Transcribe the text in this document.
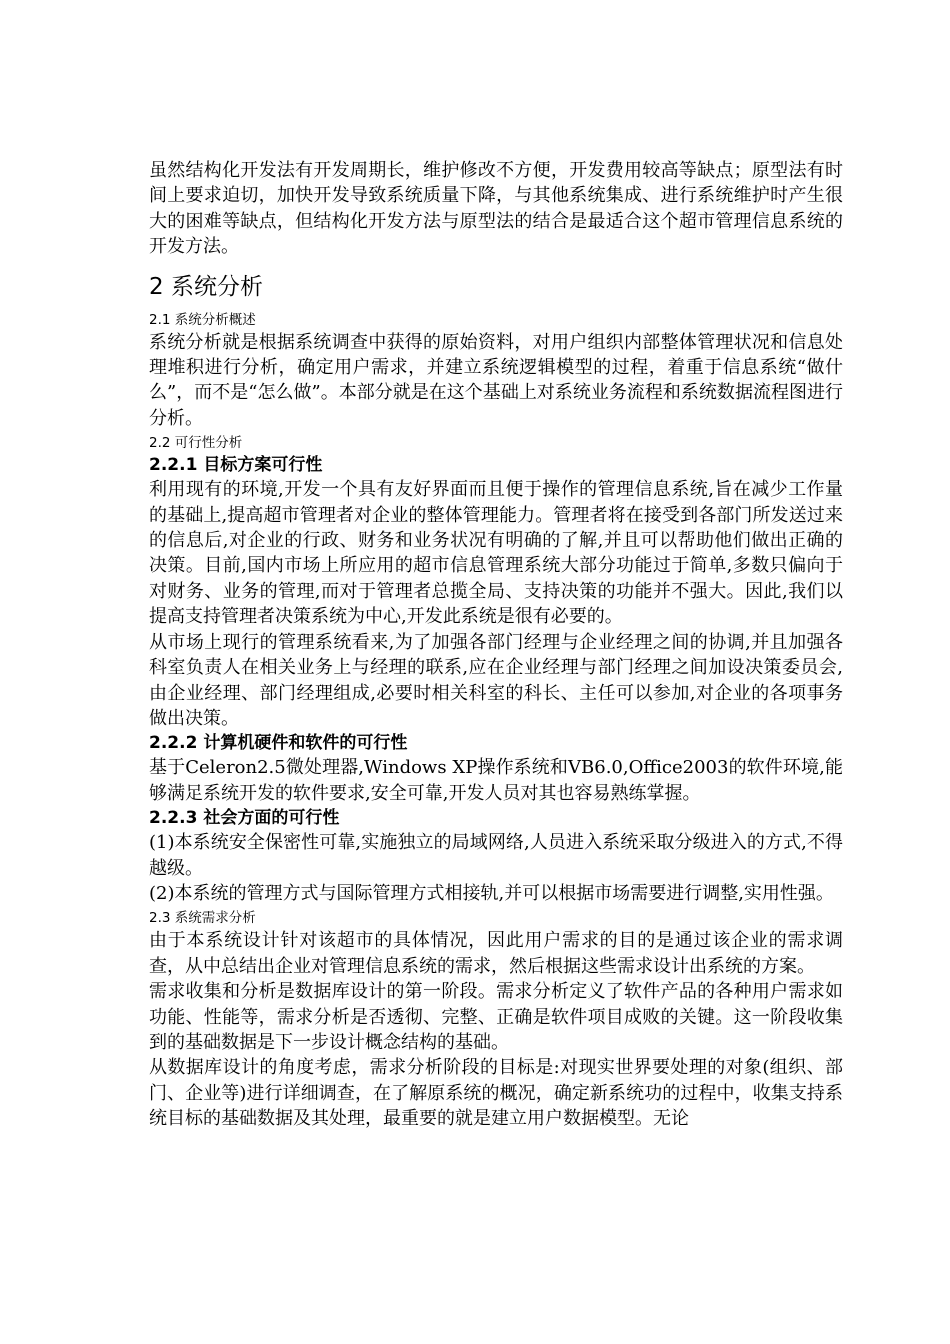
虽然结构化开发法有开发周期长，维护修改不方便，开发费用较高等缺点；原型法有时间上要求迫切，加快开发导致系统质量下降，与其他系统集成、进行系统维护时产生很大的困难等缺点，但结构化开发方法与原型法的结合是最适合这个超市管理信息系统的开发方法。

2 系统分析
2.1 系统分析概述

系统分析就是根据系统调查中获得的原始资料，对用户组织内部整体管理状况和信息处理堆积进行分析，确定用户需求，并建立系统逻辑模型的过程，着重于信息系统“做什么”，而不是“怎么做”。本部分就是在这个基础上对系统业务流程和系统数据流程图进行分析。

2.2 可行性分析
2.2.1 目标方案可行性

利用现有的环境,开发一个具有友好界面而且便于操作的管理信息系统,旨在减少工作量的基础上,提高超市管理者对企业的整体管理能力。管理者将在接受到各部门所发送过来的信息后,对企业的行政、财务和业务状况有明确的了解,并且可以帮助他们做出正确的决策。目前,国内市场上所应用的超市信息管理系统大部分功能过于简单,多数只偏向于对财务、业务的管理,而对于管理者总揽全局、支持决策的功能并不强大。因此,我们以提高支持管理者决策系统为中心,开发此系统是很有必要的。

从市场上现行的管理系统看来,为了加强各部门经理与企业经理之间的协调,并且加强各科室负责人在相关业务上与经理的联系,应在企业经理与部门经理之间加设决策委员会,由企业经理、部门经理组成,必要时相关科室的科长、主任可以参加,对企业的各项事务做出决策。

2.2.2 计算机硬件和软件的可行性

基于Celeron2.5微处理器,Windows XP操作系统和VB6.0,Office2003的软件环境,能够满足系统开发的软件要求,安全可靠,开发人员对其也容易熟练掌握。

2.2.3 社会方面的可行性

(1)本系统安全保密性可靠,实施独立的局域网络,人员进入系统采取分级进入的方式,不得越级。

(2)本系统的管理方式与国际管理方式相接轨,并可以根据市场需要进行调整,实用性强。

2.3 系统需求分析

由于本系统设计针对该超市的具体情况，因此用户需求的目的是通过该企业的需求调查，从中总结出企业对管理信息系统的需求，然后根据这些需求设计出系统的方案。

需求收集和分析是数据库设计的第一阶段。需求分析定义了软件产品的各种用户需求如功能、性能等，需求分析是否透彻、完整、正确是软件项目成败的关键。这一阶段收集到的基础数据是下一步设计概念结构的基础。

从数据库设计的角度考虑，需求分析阶段的目标是:对现实世界要处理的对象(组织、部门、企业等)进行详细调查，在了解原系统的概况，确定新系统功的过程中，收集支持系统目标的基础数据及其处理，最重要的就是建立用户数据模型。无论
